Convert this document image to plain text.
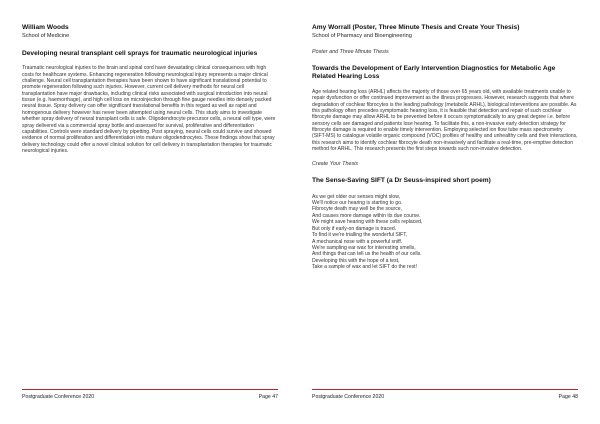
William Woods

School of Medicine

Developing neural transplant cell sprays for traumatic neurological injuries

Traumatic neurological injuries to the brain and spinal cord have devastating clinical consequences with high costs for healthcare systems. Enhancing regeneration following neurological injury represents a major clinical challenge. Neural cell transplantation therapies have been shown to have significant translational potential to promote regeneration following such injuries. However, current cell delivery methods for neural cell transplantation have major drawbacks, including clinical risks associated with surgical introduction into neural tissue (e.g. haemorrhage), and high cell loss on microinjection through fine gauge needles into densely packed neural tissue. Spray delivery can offer significant translational benefits in this regard as well as rapid and homogenous delivery however has never been attempted using neural cells. This study aims to investigate whether spray delivery of neural transplant cells is safe. Oligodendrocyte precursor cells, a neural cell type, were spray delivered via a commercial spray bottle and assessed for survival, proliferative and differentiation capabilities. Controls were standard delivery by pipetting. Post spraying, neural cells could survive and showed evidence of normal proliferation and differentiation into mature oligodendrocytes. These findings show that spray delivery technology could offer a novel clinical solution for cell delivery in transplantation therapies for traumatic neurological injuries.

Amy Worrall (Poster, Three Minute Thesis and Create Your Thesis)

School of Pharmacy and Bioengineering

Poster and Three Minute Thesis

Towards the Development of Early Intervention Diagnostics for Metabolic Age Related Hearing Loss

Age related hearing loss (ARHL) affects the majority of those over 65 years old, with available treatments unable to repair dysfunction or offer continued improvement as the illness progresses. However, research suggests that where degradation of cochlear fibrocytes is the leading pathology (metabolic ARHL), biological interventions are possible. As this pathology often precedes symptomatic hearing loss, it is feasible that detection and repair of such cochlear fibrocyte damage may allow ARHL to be prevented before it occurs symptomatically to any great degree i.e. before sensory cells are damaged and patients lose hearing. To facilitate this, a non-invasive early detection strategy for fibrocyte damage is required to enable timely intervention. Employing selected ion flow tube mass spectrometry (SIFT-MS) to catalogue volatile organic compound (VOC) profiles of healthy and unhealthy cells and their interactions, this research aims to identify cochlear fibrocyte death non-invasively and facilitate a real-time, pre-emptive detection method for ARHL. This research presents the first steps towards such non-invasive detection.

Create Your Thesis

The Sense-Saving SIFT (a Dr Seuss-inspired short poem)

As we get older our senses might slow,
We'll notice our hearing is starting to go.
Fibrocyte death may well be the source,
And causes more damage within its due course.
We might save hearing with these cells replaced,
But only if early-on damage is traced.
To find it we're trialling the wonderful SIFT,
A mechanical nose with a powerful sniff.
We're sampling ear wax for interesting smells,
And things that can tell us the health of our cells.
Developing this with the hope of a test,
Take a sample of wax and let SIFT do the rest!
Postgraduate Conference 2020	Page 47	Postgraduate Conference 2020	Page 48
